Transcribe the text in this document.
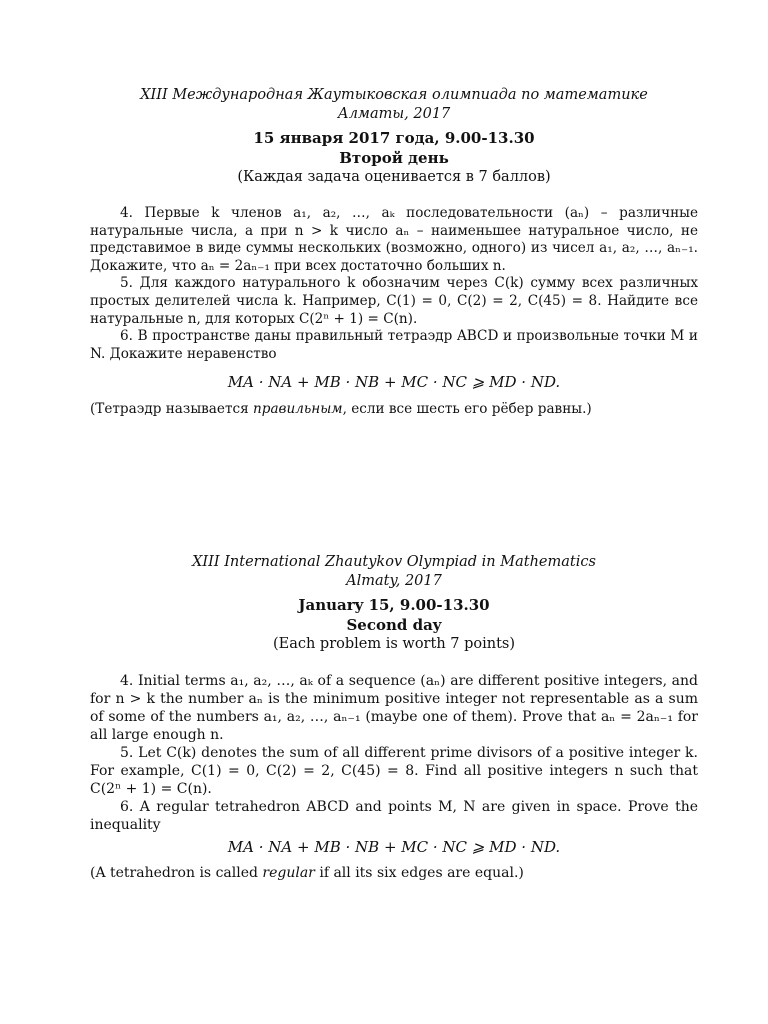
XIII Международная Жаутыковская олимпиада по математике
Алматы, 2017
15 января 2017 года, 9.00-13.30
Второй день
(Каждая задача оценивается в 7 баллов)

4. Первые k членов a₁, a₂, …, aₖ последовательности (aₙ) – различные натуральные числа, а при n > k число aₙ – наименьшее натуральное число, не представимое в виде суммы нескольких (возможно, одного) из чисел a₁, a₂, …, aₙ₋₁. Докажите, что aₙ = 2aₙ₋₁ при всех достаточно больших n.

5. Для каждого натурального k обозначим через C(k) сумму всех различных простых делителей числа k. Например, C(1) = 0, C(2) = 2, C(45) = 8. Найдите все натуральные n, для которых C(2ⁿ + 1) = C(n).

6. В пространстве даны правильный тетраэдр ABCD и произвольные точки M и N. Докажите неравенство

MA · NA + MB · NB + MC · NC ⩾ MD · ND.

(Тетраэдр называется правильным, если все шесть его рёбер равны.)

XIII International Zhautykov Olympiad in Mathematics
Almaty, 2017
January 15, 9.00-13.30
Second day
(Each problem is worth 7 points)

4. Initial terms a₁, a₂, …, aₖ of a sequence (aₙ) are different positive integers, and for n > k the number aₙ is the minimum positive integer not representable as a sum of some of the numbers a₁, a₂, …, aₙ₋₁ (maybe one of them). Prove that aₙ = 2aₙ₋₁ for all large enough n.

5. Let C(k) denotes the sum of all different prime divisors of a positive integer k. For example, C(1) = 0, C(2) = 2, C(45) = 8. Find all positive integers n such that C(2ⁿ + 1) = C(n).

6. A regular tetrahedron ABCD and points M, N are given in space. Prove the inequality

MA · NA + MB · NB + MC · NC ⩾ MD · ND.

(A tetrahedron is called regular if all its six edges are equal.)
